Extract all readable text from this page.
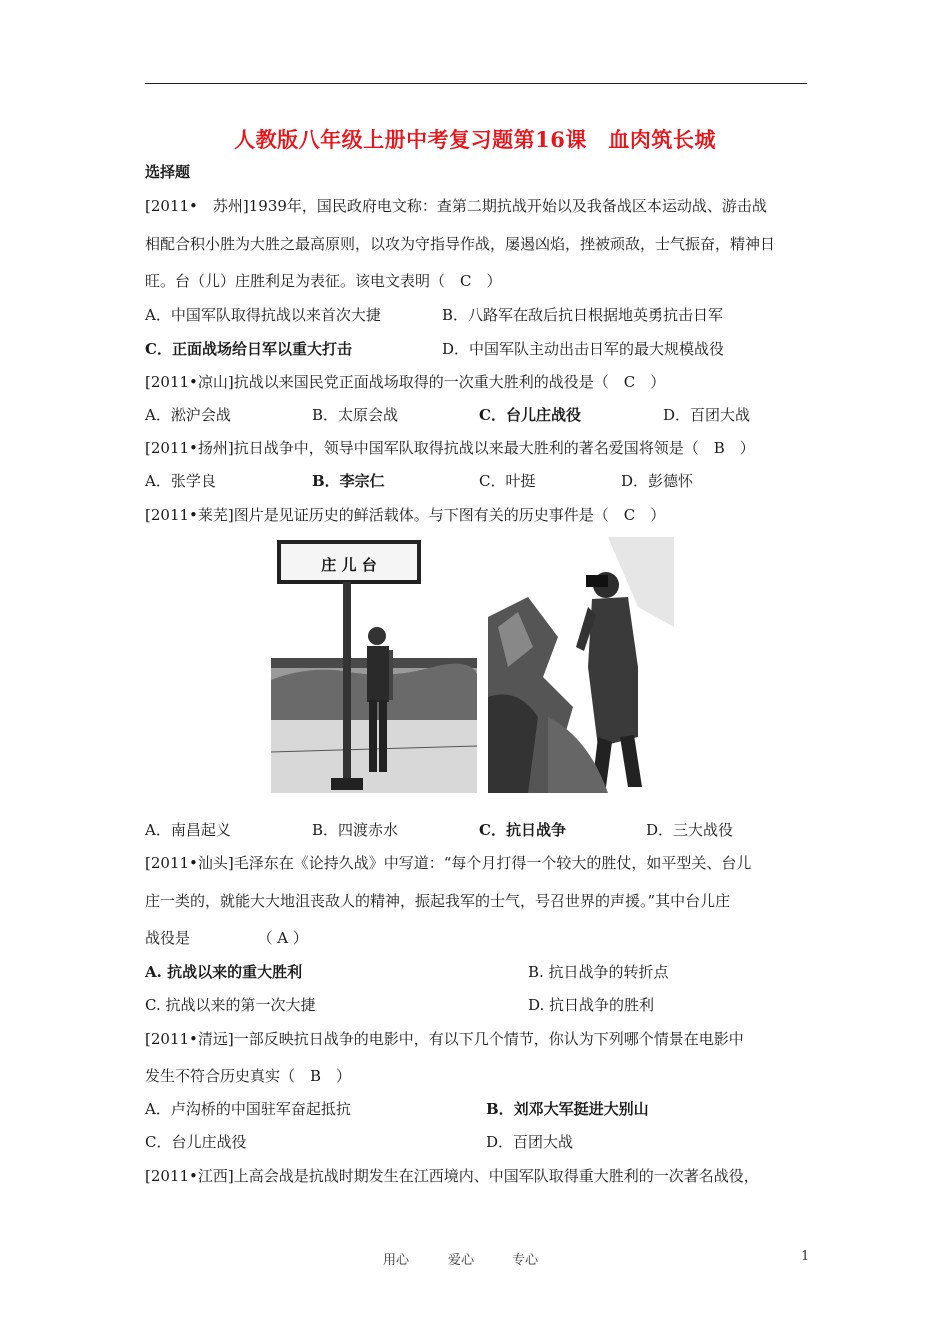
人教版八年级上册中考复习题第16课　血肉筑长城
选择题
[2011•　苏州]1939年，国民政府电文称：查第二期抗战开始以及我备战区本运动战、游击战
相配合积小胜为大胜之最高原则，以攻为守指导作战，屡遏凶焰，挫被顽敌，士气振奋，精神日
旺。台（儿）庄胜利足为表征。该电文表明（　C　）
A．中国军队取得抗战以来首次大捷	B．八路军在敌后抗日根据地英勇抗击日军
C．正面战场给日军以重大打击	D．中国军队主动出击日军的最大规模战役
[2011•凉山]抗战以来国民党正面战场取得的一次重大胜利的战役是（　C　）
A．淞沪会战	B．太原会战	C．台儿庄战役	D．百团大战
[2011•扬州]抗日战争中，领导中国军队取得抗战以来最大胜利的著名爱国将领是（　B　）
A．张学良	B．李宗仁	C．叶挺	D．彭德怀
[2011•莱芜]图片是见证历史的鲜活载体。与下图有关的历史事件是（　C　）
庄 儿 台
A．南昌起义	B．四渡赤水	C．抗日战争	D．三大战役
[2011•汕头]毛泽东在《论持久战》中写道：“每个月打得一个较大的胜仗，如平型关、台儿
庄一类的，就能大大地沮丧敌人的精神，振起我军的士气，号召世界的声援。”其中台儿庄
战役是　　　　　（ A ）
A. 抗战以来的重大胜利	B. 抗日战争的转折点
C. 抗战以来的第一次大捷	D. 抗日战争的胜利
[2011•清远]一部反映抗日战争的电影中，有以下几个情节，你认为下列哪个情景在电影中
发生不符合历史真实（　B　）
A．卢沟桥的中国驻军奋起抵抗	B．刘邓大军挺进大别山
C．台儿庄战役	D．百团大战
[2011•江西]上高会战是抗战时期发生在江西境内、中国军队取得重大胜利的一次著名战役，
用心	爱心	专心	1
